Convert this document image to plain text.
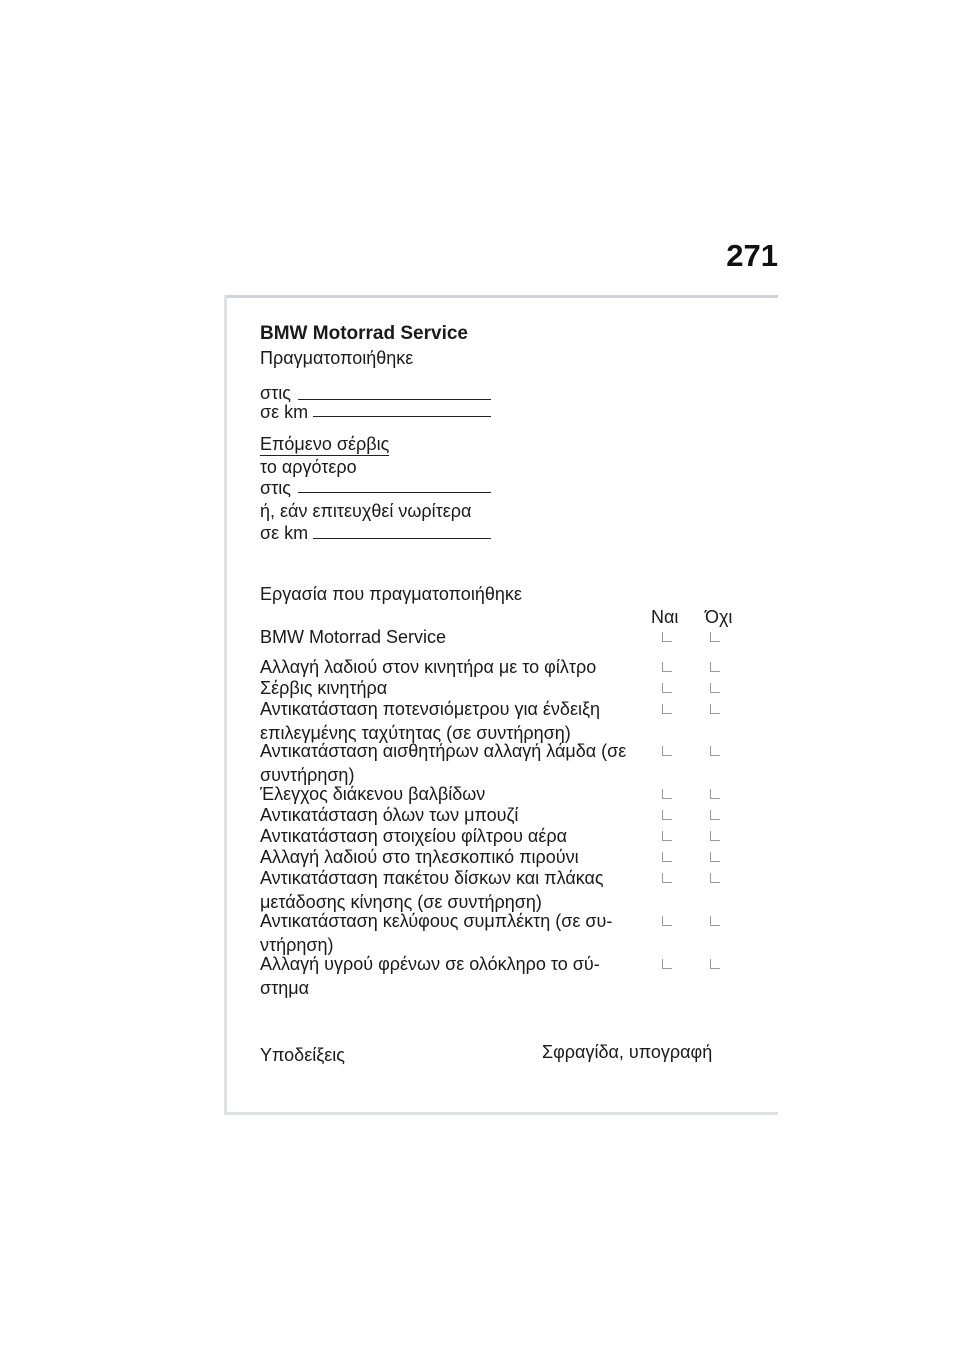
271
BMW Motorrad Service
Πραγματοποιήθηκε
στις
σε km
Επόμενο σέρβις
το αργότερο
στις
ή, εάν επιτευχθεί νωρίτερα
σε km
Εργασία που πραγματοποιήθηκε
Ναι Όχι
BMW Motorrad Service
Αλλαγή λαδιού στον κινητήρα με το φίλτρο
Σέρβις κινητήρα
Αντικατάσταση ποτενσιόμετρου για ένδειξη
επιλεγμένης ταχύτητας (σε συντήρηση)
Αντικατάσταση αισθητήρων αλλαγή λάμδα (σε
συντήρηση)
Έλεγχος διάκενου βαλβίδων
Αντικατάσταση όλων των μπουζί
Αντικατάσταση στοιχείου φίλτρου αέρα
Αλλαγή λαδιού στο τηλεσκοπικό πιρούνι
Αντικατάσταση πακέτου δίσκων και πλάκας
μετάδοσης κίνησης (σε συντήρηση)
Αντικατάσταση κελύφους συμπλέκτη (σε συ-
ντήρηση)
Αλλαγή υγρού φρένων σε ολόκληρο το σύ-
στημα
Υποδείξεις	Σφραγίδα, υπογραφή
